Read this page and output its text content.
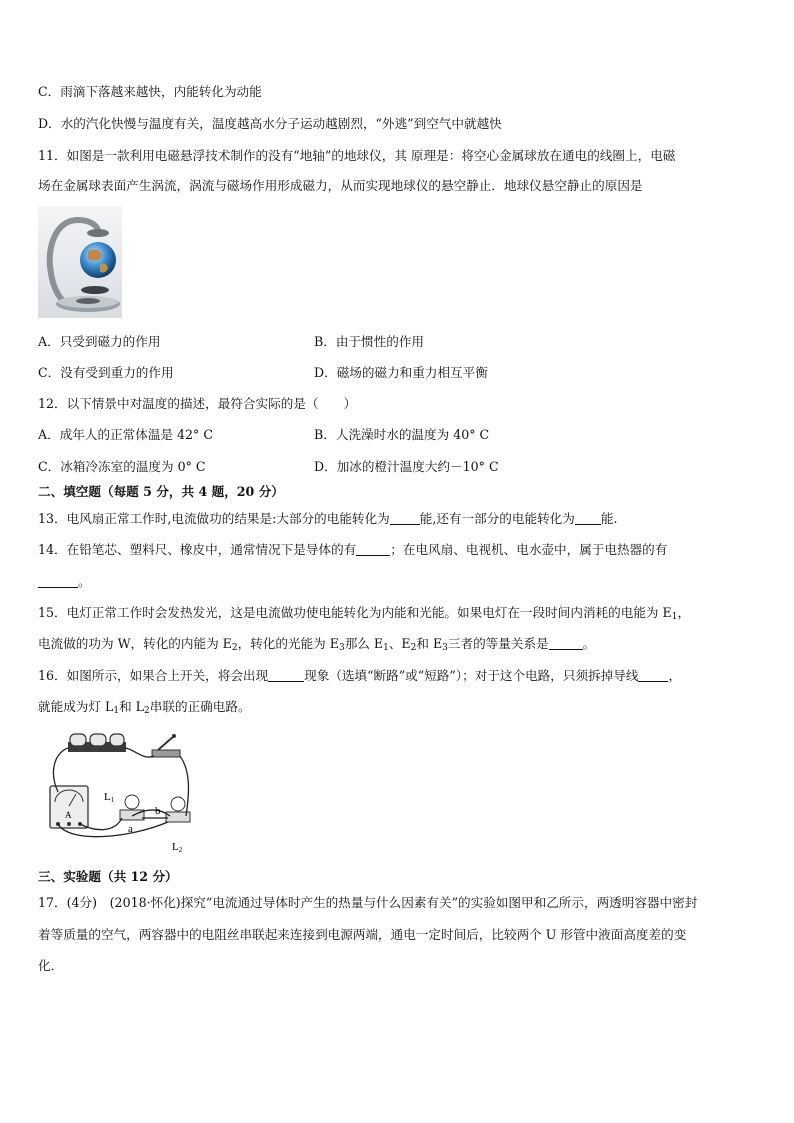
C．雨滴下落越来越快，内能转化为动能
D．水的汽化快慢与温度有关，温度越高水分子运动越剧烈，“外逃”到空气中就越快
11．如图是一款利用电磁悬浮技术制作的没有“地轴”的地球仪，其 原理是：将空心金属球放在通电的线圈上，电磁
场在金属球表面产生涡流，涡流与磁场作用形成磁力，从而实现地球仪的悬空静止．地球仪悬空静止的原因是
A．只受到磁力的作用	B．由于惯性的作用
C．没有受到重力的作用	D．磁场的磁力和重力相互平衡
12．以下情景中对温度的描述，最符合实际的是（　　）
A．成年人的正常体温是 42° C	B．人洗澡时水的温度为 40° C
C．冰箱冷冻室的温度为 0° C	D．加冰的橙汁温度大约－10° C
二、填空题（每题 5 分，共 4 题，20 分）
13．电风扇正常工作时,电流做功的结果是:大部分的电能转化为 能,还有一部分的电能转化为 能.
14．在铅笔芯、塑料尺、橡皮中，通常情况下是导体的有	；在电风扇、电视机、电水壶中，属于电热器的有
。
15．电灯正常工作时会发热发光，这是电流做功使电能转化为内能和光能。如果电灯在一段时间内消耗的电能为 $E_1$，
电流做的功为 W，转化的内能为 $E_2$，转化的光能为 $E_3$那么 $E_1$、$E_2$和 $E_3$三者的等量关系是	。
16．如图所示，如果合上开关，将会出现	现象（选填“断路”或“短路”）；对于这个电路，只须拆掉导线 ，
就能成为灯 $L_1$和 $L_2$串联的正确电路。
A
L1
b
a
L2
三、实验题（共 12 分）
17．(4分)　(2018·怀化)探究“电流通过导体时产生的热量与什么因素有关”的实验如图甲和乙所示，两透明容器中密封
着等质量的空气，两容器中的电阻丝串联起来连接到电源两端，通电一定时间后，比较两个 U 形管中液面高度差的变
化．
